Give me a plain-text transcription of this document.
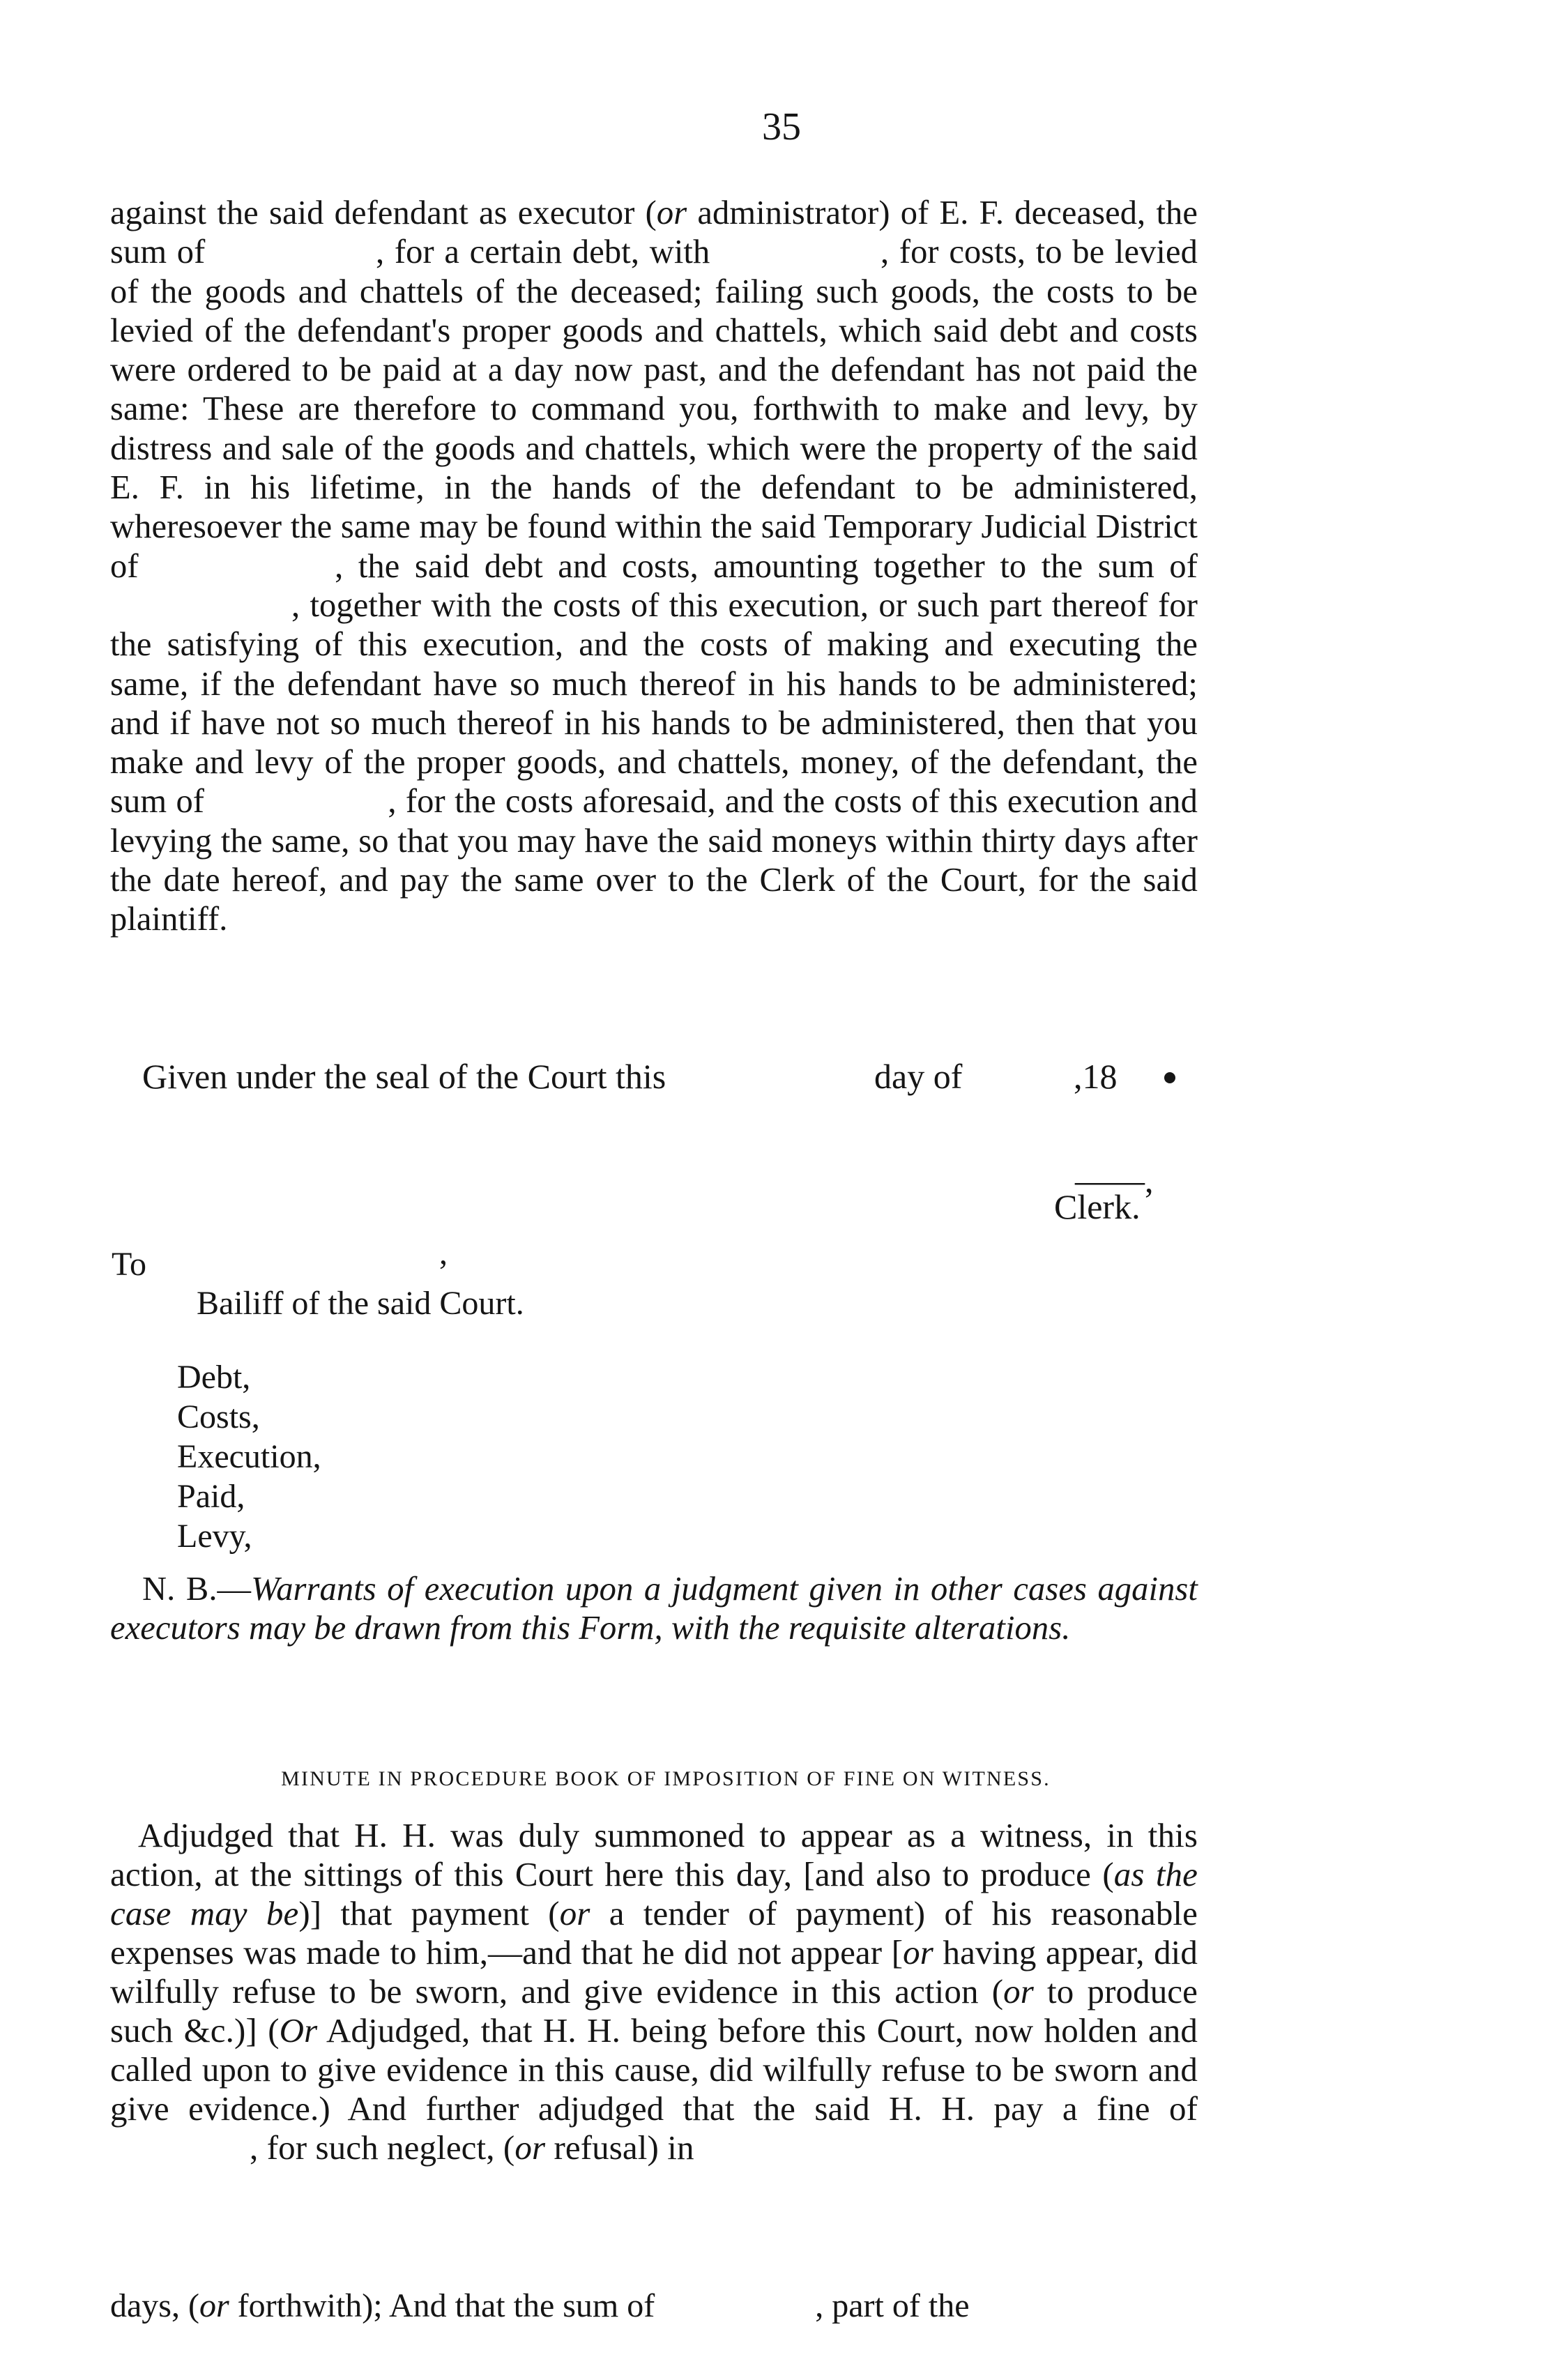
35

against the said defendant as executor (or administrator) of E. F. deceased, the sum of	, for a certain debt, with	, for costs, to be levied of the goods and chattels of the deceased; failing such goods, the costs to be levied of the defendant's proper goods and chattels, which said debt and costs were ordered to be paid at a day now past, and the defendant has not paid the same: These are therefore to command you, forthwith to make and levy, by distress and sale of the goods and chattels, which were the property of the said E. F. in his lifetime, in the hands of the defendant to be administered, wheresoever the same may be found within the said Temporary Judicial District of	, the said debt and costs, amounting together to the sum of , together with the costs of this execution, or such part thereof for the satisfying of this execution, and the costs of making and executing the same, if the defendant have so much thereof in his hands to be administered; and if have not so much thereof in his hands to be administered, then that you make and levy of the proper goods, and chattels, money, of the defendant, the sum of	, for the costs aforesaid, and the costs of this execution and levying the same, so that you may have the said moneys within thirty days after the date hereof, and pay the same over to the Clerk of the Court, for the said plaintiff.

Given under the seal of the Court this	day of	,18
——,
Clerk.
To	,
Bailiff of the said Court.
Debt,
Costs,
Execution,
Paid,
Levy,

N. B.—Warrants of execution upon a judgment given in other cases against executors may be drawn from this Form, with the requisite alterations.

MINUTE IN PROCEDURE BOOK OF IMPOSITION OF FINE ON WITNESS.

Adjudged that H. H. was duly summoned to appear as a witness, in this action, at the sittings of this Court here this day, [and also to produce (as the case may be)] that payment (or a tender of payment) of his reasonable expenses was made to him,—and that he did not appear [or having appear, did wilfully refuse to be sworn, and give evidence in this action (or to produce such &c.)] (Or Adjudged, that H. H. being before this Court, now holden and called upon to give evidence in this cause, did wilfully refuse to be sworn and give evidence.) And further adjudged that the said H. H. pay a fine of , for such neglect, (or refusal) in

days, (or forthwith); And that the sum of	, part of the
